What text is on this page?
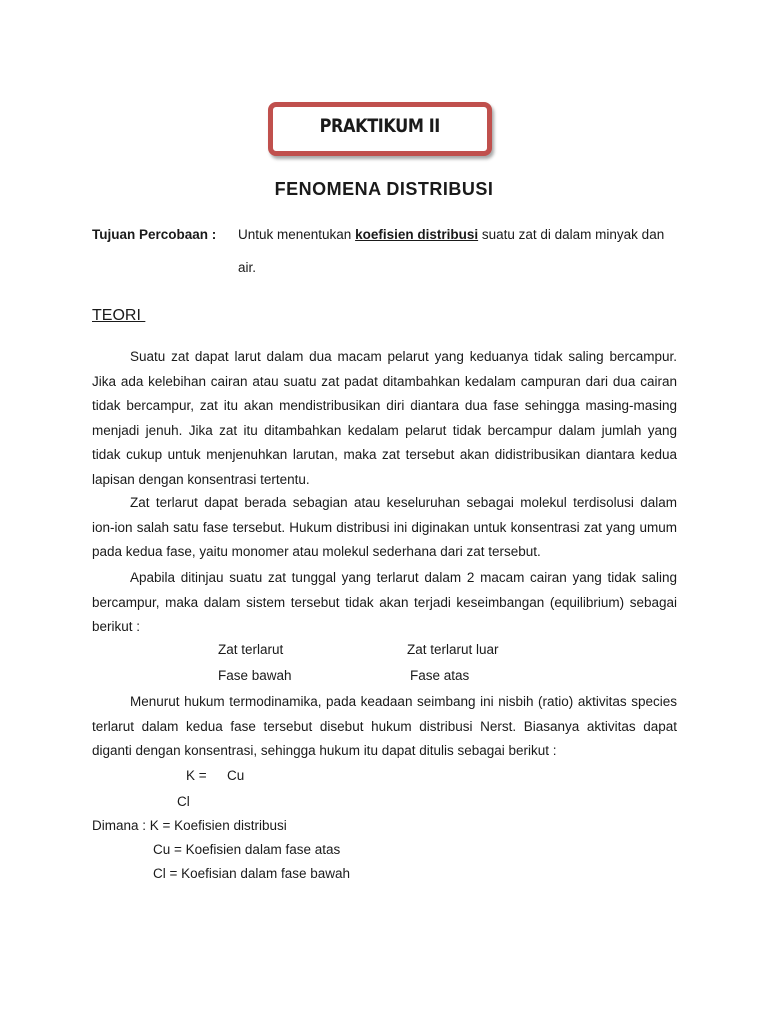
PRAKTIKUM II
FENOMENA DISTRIBUSI
Tujuan Percobaan : Untuk menentukan koefisien distribusi suatu zat di dalam minyak dan
air.
TEORI
Suatu zat dapat larut dalam dua macam pelarut yang keduanya tidak saling bercampur. Jika ada kelebihan cairan atau suatu zat padat ditambahkan kedalam campuran dari dua cairan tidak bercampur, zat itu akan mendistribusikan diri diantara dua fase sehingga masing-masing menjadi jenuh. Jika zat itu ditambahkan kedalam pelarut tidak bercampur dalam jumlah yang tidak cukup untuk menjenuhkan larutan, maka zat tersebut akan didistribusikan diantara kedua lapisan dengan konsentrasi tertentu.
Zat terlarut dapat berada sebagian atau keseluruhan sebagai molekul terdisolusi dalam ion-ion salah satu fase tersebut. Hukum distribusi ini diginakan untuk konsentrasi zat yang umum pada kedua fase, yaitu monomer atau molekul sederhana dari zat tersebut.
Apabila ditinjau suatu zat tunggal yang terlarut dalam 2 macam cairan yang tidak saling bercampur, maka dalam sistem tersebut tidak akan terjadi keseimbangan (equilibrium) sebagai berikut :
Zat terlarut	Zat terlarut luar
Fase bawah	Fase atas
Menurut hukum termodinamika, pada keadaan seimbang ini nisbih (ratio) aktivitas species terlarut dalam kedua fase tersebut disebut hukum distribusi Nerst. Biasanya aktivitas dapat diganti dengan konsentrasi, sehingga hukum itu dapat ditulis sebagai berikut :
K = Cu
Cl
Dimana : K = Koefisien distribusi
Cu = Koefisien dalam fase atas
Cl = Koefisian dalam fase bawah
